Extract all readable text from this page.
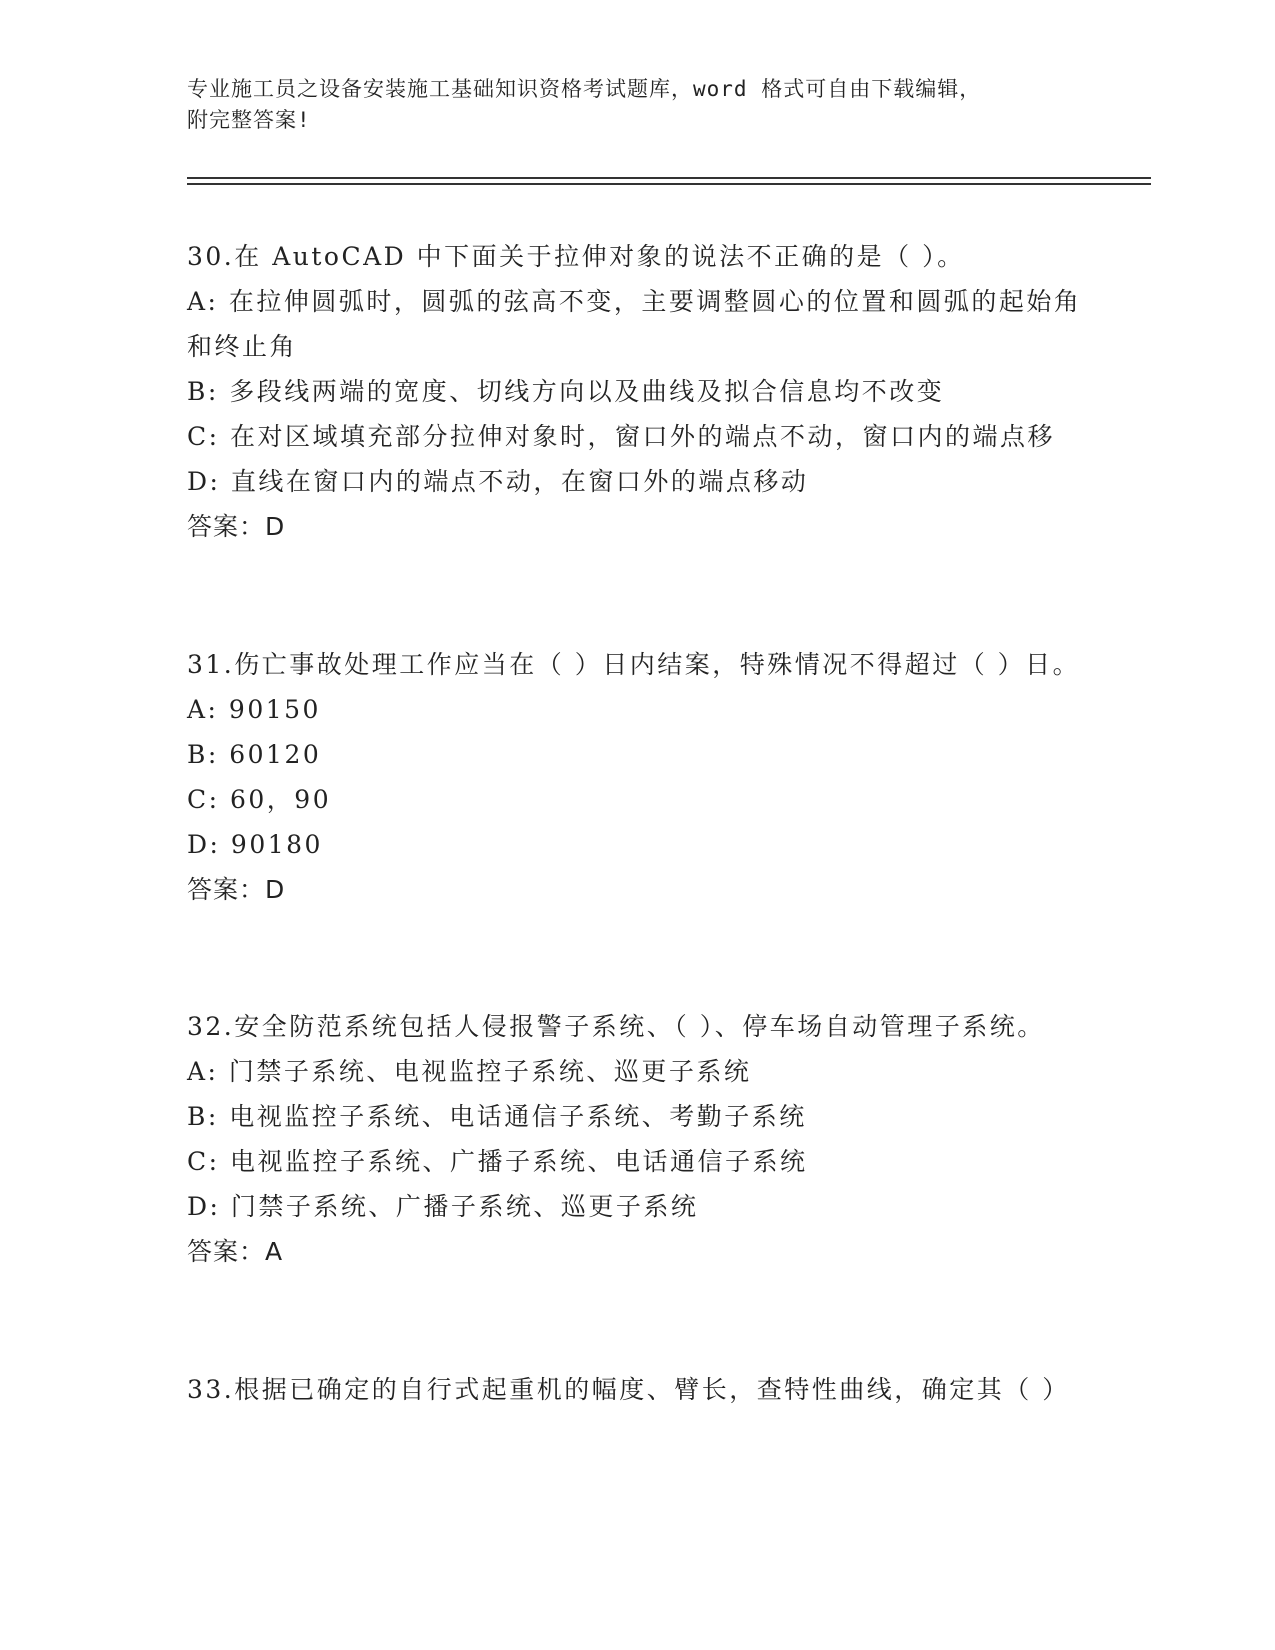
专业施工员之设备安装施工基础知识资格考试题库，word 格式可自由下载编辑，
附完整答案!

30.在 AutoCAD 中下面关于拉伸对象的说法不正确的是（ ）。

A: 在拉伸圆弧时，圆弧的弦高不变，主要调整圆心的位置和圆弧的起始角和终止角

B: 多段线两端的宽度、切线方向以及曲线及拟合信息均不改变

C: 在对区域填充部分拉伸对象时，窗口外的端点不动，窗口内的端点移

D: 直线在窗口内的端点不动，在窗口外的端点移动

答案：D

31.伤亡事故处理工作应当在（ ）日内结案，特殊情况不得超过（ ）日。

A: 90150

B: 60120

C: 60，90

D: 90180

答案：D

32.安全防范系统包括人侵报警子系统、（ ）、停车场自动管理子系统。

A: 门禁子系统、电视监控子系统、巡更子系统

B: 电视监控子系统、电话通信子系统、考勤子系统

C: 电视监控子系统、广播子系统、电话通信子系统

D: 门禁子系统、广播子系统、巡更子系统

答案：A

33.根据已确定的自行式起重机的幅度、臂长，查特性曲线，确定其（ ）
